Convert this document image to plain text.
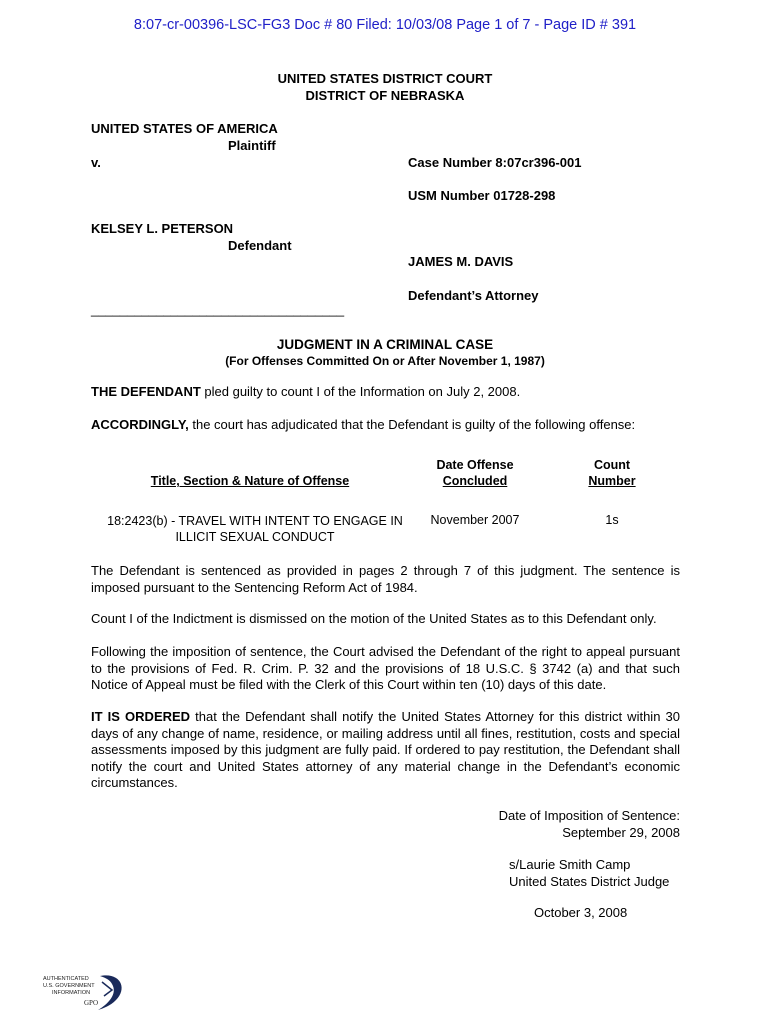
8:07-cr-00396-LSC-FG3 Doc # 80 Filed: 10/03/08 Page 1 of 7 - Page ID # 391
UNITED STATES DISTRICT COURT
DISTRICT OF NEBRASKA
UNITED STATES OF AMERICA
Plaintiff
v.	Case Number 8:07cr396-001
USM Number 01728-298
KELSEY L. PETERSON
Defendant
JAMES M. DAVIS
Defendant’s Attorney
___________________________________
JUDGMENT IN A CRIMINAL CASE
(For Offenses Committed On or After November 1, 1987)
THE DEFENDANT pled guilty to count I of the Information on July 2, 2008.
ACCORDINGLY, the court has adjudicated that the Defendant is guilty of the following offense:
Title, Section & Nature of Offense
Date Offense
Concluded
Count
Number
18:2423(b) - TRAVEL WITH INTENT TO ENGAGE IN
ILLICIT SEXUAL CONDUCT
November 2007	1s
The Defendant is sentenced as provided in pages 2 through 7 of this judgment. The sentence is imposed pursuant to the Sentencing Reform Act of 1984.
Count I of the Indictment is dismissed on the motion of the United States as to this Defendant only.
Following the imposition of sentence, the Court advised the Defendant of the right to appeal pursuant to the provisions of Fed. R. Crim. P. 32 and the provisions of 18 U.S.C. § 3742 (a) and that such Notice of Appeal must be filed with the Clerk of this Court within ten (10) days of this date.
IT IS ORDERED that the Defendant shall notify the United States Attorney for this district within 30 days of any change of name, residence, or mailing address until all fines, restitution, costs and special assessments imposed by this judgment are fully paid. If ordered to pay restitution, the Defendant shall notify the court and United States attorney of any material change in the Defendant’s economic circumstances.
Date of Imposition of Sentence:
September 29, 2008
s/Laurie Smith Camp
United States District Judge
October 3, 2008
AUTHENTICATED
U.S. GOVERNMENT
INFORMATION
GPO
